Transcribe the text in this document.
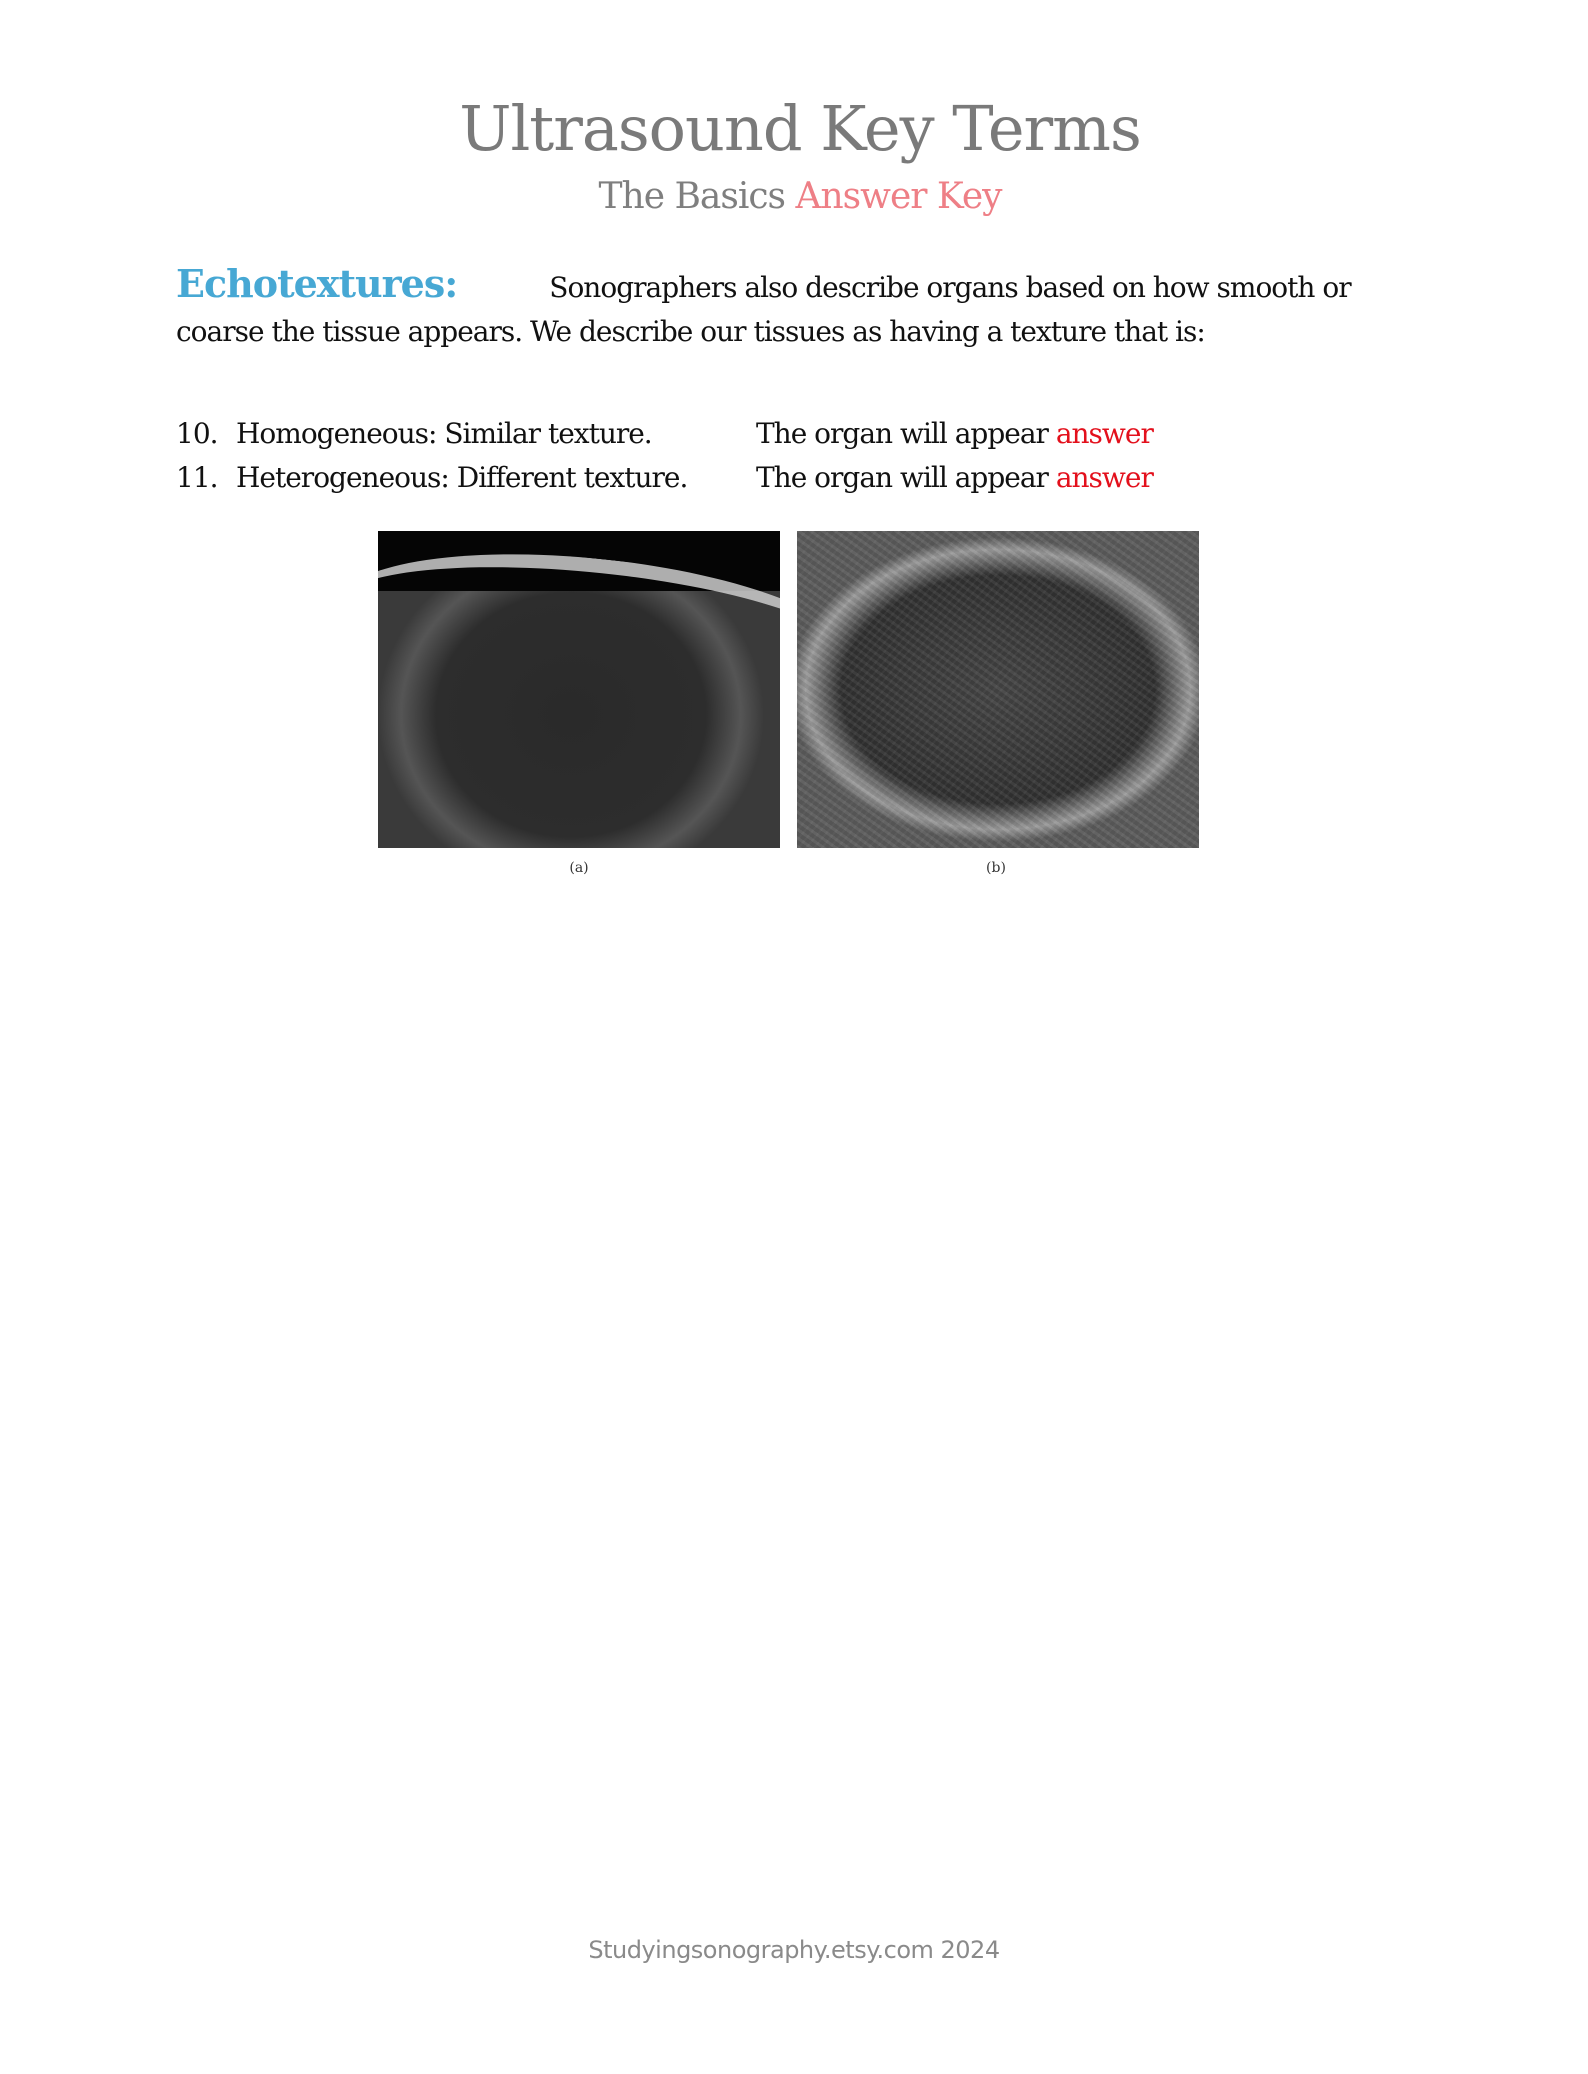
Ultrasound Key Terms
The Basics Answer Key
Echotextures:	Sonographers also describe organs based on how smooth or coarse the tissue appears. We describe our tissues as having a texture that is:
10. Homogeneous: Similar texture.	The organ will appear answer
11. Heterogeneous: Different texture. The organ will appear answer
(a)	(b)
Studyingsonography.etsy.com 2024
